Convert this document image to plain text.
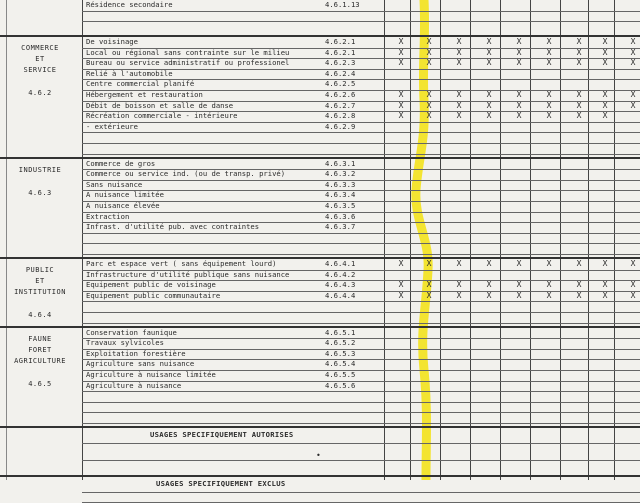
Résidence secondaire	4.6.1.13
De voisinage	4.6.2.1	X	X	X	X	X	X	X	X	X
Local ou régional sans contrainte sur le milieu	4.6.2.1	X	X	X	X	X	X	X	X	X
Bureau ou service administratif ou professionel	4.6.2.3	X	X	X	X	X	X	X	X	X
Relié à l'automobile	4.6.2.4
Centre commercial planifé	4.6.2.5
Hébergement et restauration	4.6.2.6	X	X	X	X	X	X	X	X	X
Débit de boisson et salle de danse	4.6.2.7	X	X	X	X	X	X	X	X	X
Récréation commerciale - intérieure	4.6.2.8	X	X	X	X	X	X	X	X
- extérieure	4.6.2.9
COMMERCE
ET
SERVICE
4.6.2
Commerce de gros	4.6.3.1
Commerce ou service ind. (ou de transp. privé)	4.6.3.2
Sans nuisance	4.6.3.3
A nuisance limitée	4.6.3.4
A nuisance élevée	4.6.3.5
Extraction	4.6.3.6
Infrast. d'utilité pub. avec contraintes	4.6.3.7
INDUSTRIE
4.6.3
Parc et espace vert ( sans équipement lourd)	4.6.4.1	X	X	X	X	X	X	X	X	X
Infrastructure d'utilité publique sans nuisance	4.6.4.2
Equipement public de voisinage	4.6.4.3	X	X	X	X	X	X	X	X	X
Equipement public communautaire	4.6.4.4	X	X	X	X	X	X	X	X	X
PUBLIC
ET
INSTITUTION
4.6.4
Conservation faunique	4.6.5.1
Travaux sylvicoles	4.6.5.2
Exploitation forestière	4.6.5.3
Agriculture sans nuisance	4.6.5.4
Agriculture à nuisance limitée	4.6.5.5
Agriculture à nuisance	4.6.5.6
FAUNE
FORET
AGRICULTURE
4.6.5
USAGES SPECIFIQUEMENT AUTORISES
•
USAGES SPECIFIQUEMENT EXCLUS
